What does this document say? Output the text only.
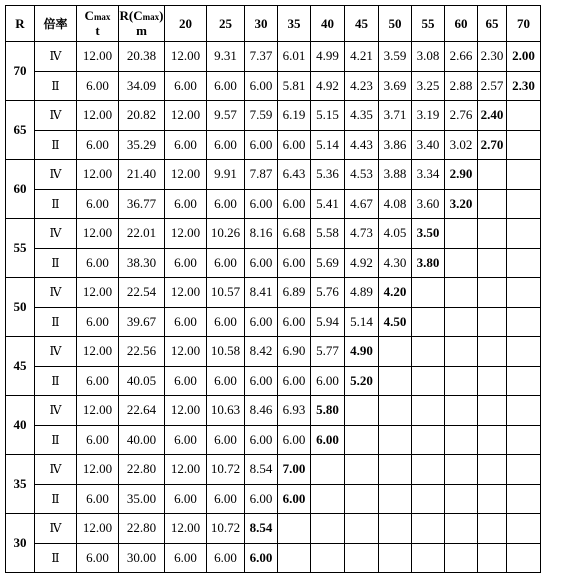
R	倍率	Cmax
t	R(Cmax)
m	20	25	30	35	40	45	50	55	60	65	70
70	Ⅳ	12.00	20.38	12.00	9.31	7.37	6.01	4.99	4.21	3.59	3.08	2.66	2.30	2.00
	Ⅱ	6.00	34.09	6.00	6.00	6.00	5.81	4.92	4.23	3.69	3.25	2.88	2.57	2.30
65	Ⅳ	12.00	20.82	12.00	9.57	7.59	6.19	5.15	4.35	3.71	3.19	2.76	2.40	
	Ⅱ	6.00	35.29	6.00	6.00	6.00	6.00	5.14	4.43	3.86	3.40	3.02	2.70	
60	Ⅳ	12.00	21.40	12.00	9.91	7.87	6.43	5.36	4.53	3.88	3.34	2.90		
	Ⅱ	6.00	36.77	6.00	6.00	6.00	6.00	5.41	4.67	4.08	3.60	3.20		
55	Ⅳ	12.00	22.01	12.00	10.26	8.16	6.68	5.58	4.73	4.05	3.50			
	Ⅱ	6.00	38.30	6.00	6.00	6.00	6.00	5.69	4.92	4.30	3.80			
50	Ⅳ	12.00	22.54	12.00	10.57	8.41	6.89	5.76	4.89	4.20				
	Ⅱ	6.00	39.67	6.00	6.00	6.00	6.00	5.94	5.14	4.50				
45	Ⅳ	12.00	22.56	12.00	10.58	8.42	6.90	5.77	4.90					
	Ⅱ	6.00	40.05	6.00	6.00	6.00	6.00	6.00	5.20					
40	Ⅳ	12.00	22.64	12.00	10.63	8.46	6.93	5.80						
	Ⅱ	6.00	40.00	6.00	6.00	6.00	6.00	6.00						
35	Ⅳ	12.00	22.80	12.00	10.72	8.54	7.00							
	Ⅱ	6.00	35.00	6.00	6.00	6.00	6.00							
30	Ⅳ	12.00	22.80	12.00	10.72	8.54								
	Ⅱ	6.00	30.00	6.00	6.00	6.00								
